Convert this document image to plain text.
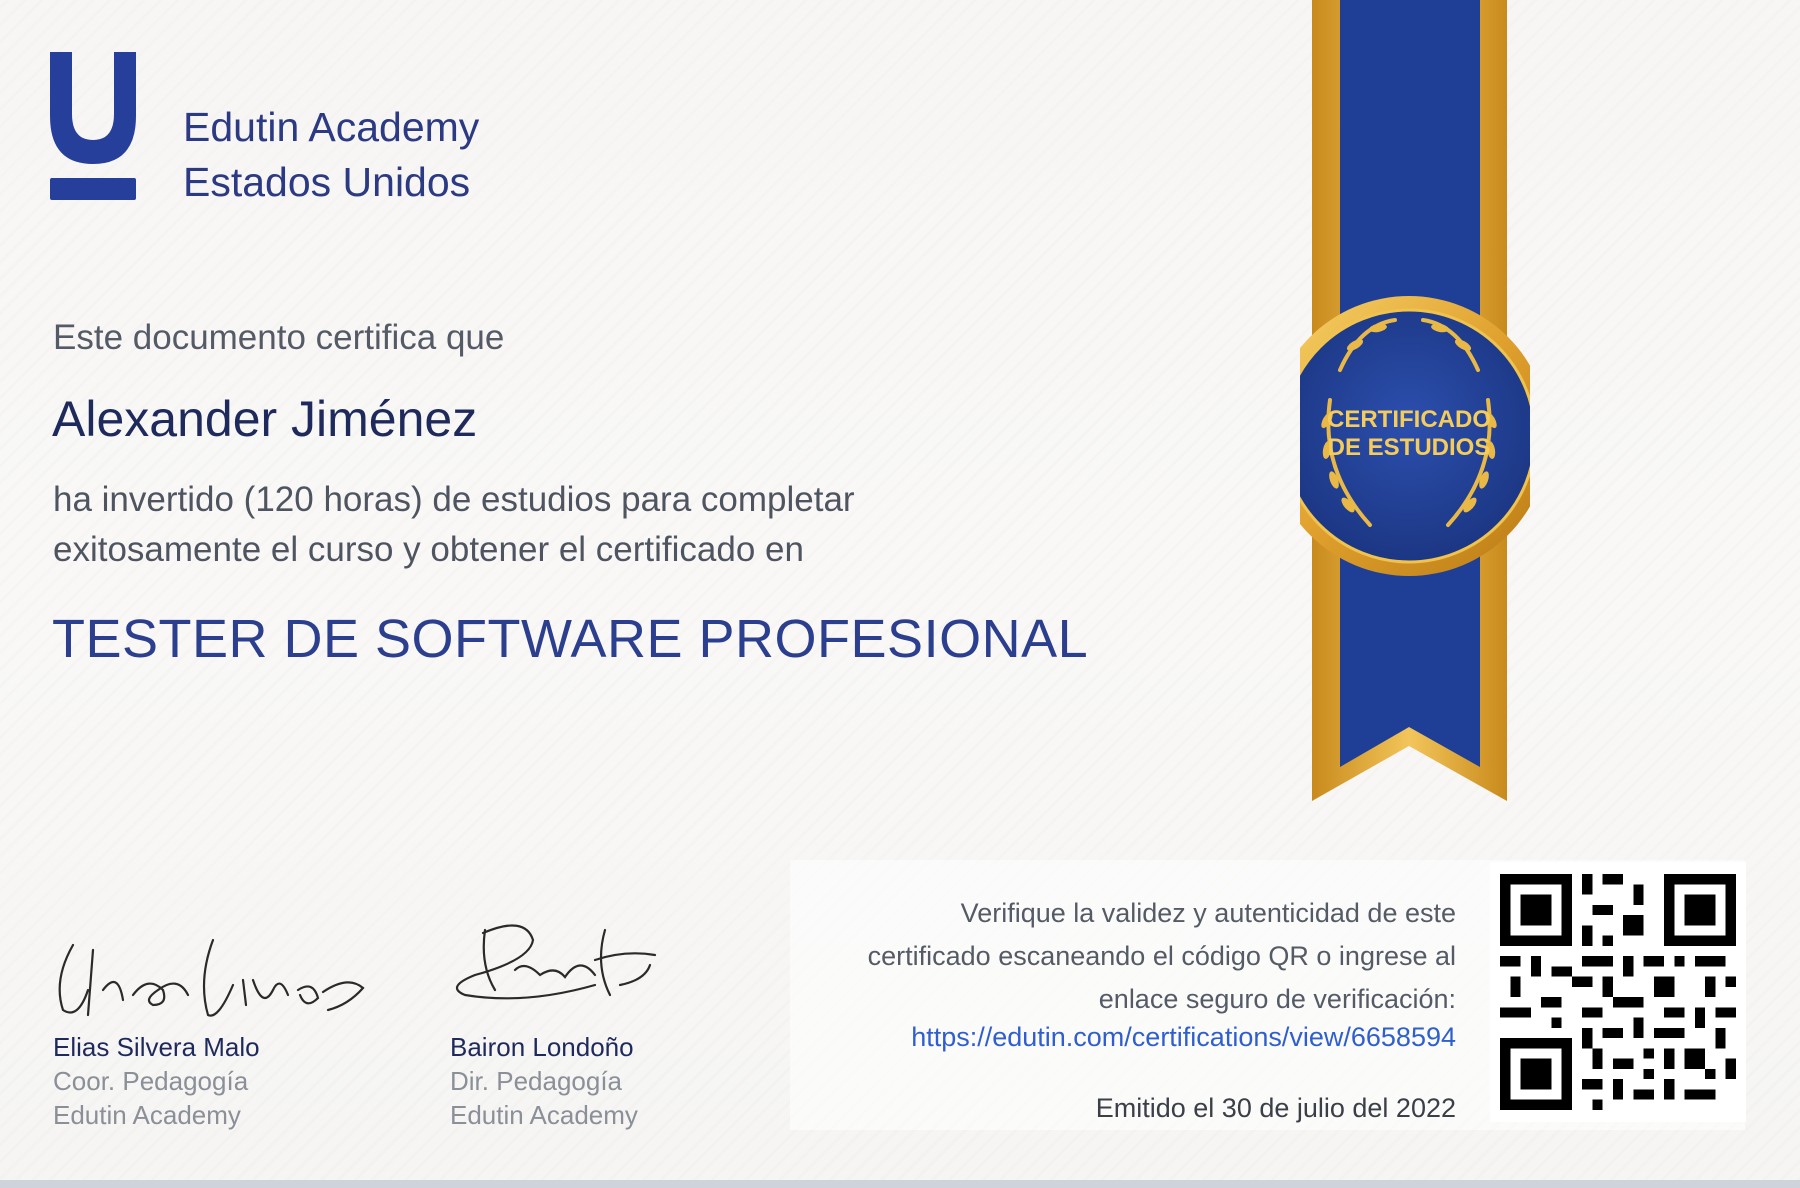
Edutin Academy
Estados Unidos
Este documento certifica que
Alexander Jiménez
ha invertido (120 horas) de estudios para completar
exitosamente el curso y obtener el certificado en
TESTER DE SOFTWARE PROFESIONAL
CERTIFICADO
DE ESTUDIOS
Elias Silvera Malo
Coor. Pedagogía
Edutin Academy
Bairon Londoño
Dir. Pedagogía
Edutin Academy
Verifique la validez y autenticidad de este
certificado escaneando el código QR o ingrese al
enlace seguro de verificación:
https://edutin.com/certifications/view/6658594
Emitido el 30 de julio del 2022
